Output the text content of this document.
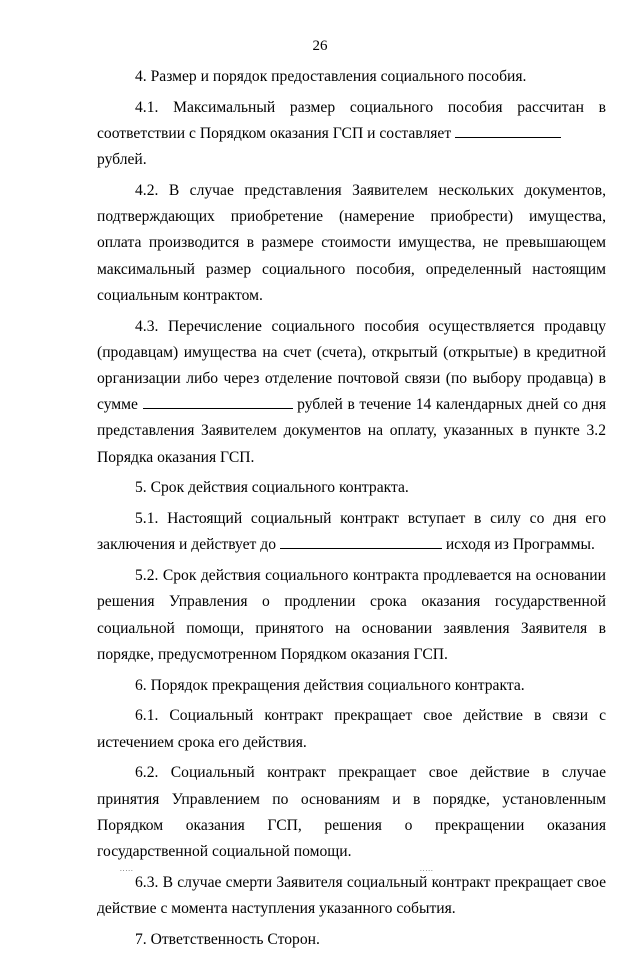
26

4. Размер и порядок предоставления социального пособия.

4.1. Максимальный размер социального пособия рассчитан в

соответствии с Порядком оказания ГСП и составляет  рублей.

4.2. В случае представления Заявителем нескольких документов, подтверждающих приобретение (намерение приобрести) имущества, оплата производится в размере стоимости имущества, не превышающем максимальный размер социального пособия, определенный настоящим социальным контрактом.

4.3. Перечисление социального пособия осуществляется продавцу (продавцам) имущества на счет (счета), открытый (открытые) в кредитной организации либо через отделение почтовой связи (по выбору продавца) в сумме	рублей в течение 14 календарных дней со дня представления Заявителем документов на оплату, указанных в пункте 3.2 Порядка оказания ГСП.

5. Срок действия социального контракта.

5.1. Настоящий социальный контракт вступает в силу со дня его заключения и действует до	исходя из Программы.

5.2. Срок действия социального контракта продлевается на основании решения Управления о продлении срока оказания государственной социальной помощи, принятого на основании заявления Заявителя в порядке, предусмотренном Порядком оказания ГСП.

6. Порядок прекращения действия социального контракта.

6.1. Социальный контракт прекращает свое действие в связи с истечением срока его действия.

6.2. Социальный контракт прекращает свое действие в случае принятия Управлением по основаниям и в порядке, установленным Порядком оказания ГСП, решения о прекращении оказания государственной социальной помощи.

6.3. В случае смерти Заявителя социальный контракт прекращает свое действие с момента наступления указанного события.

7. Ответственность Сторон.

.....	.....
